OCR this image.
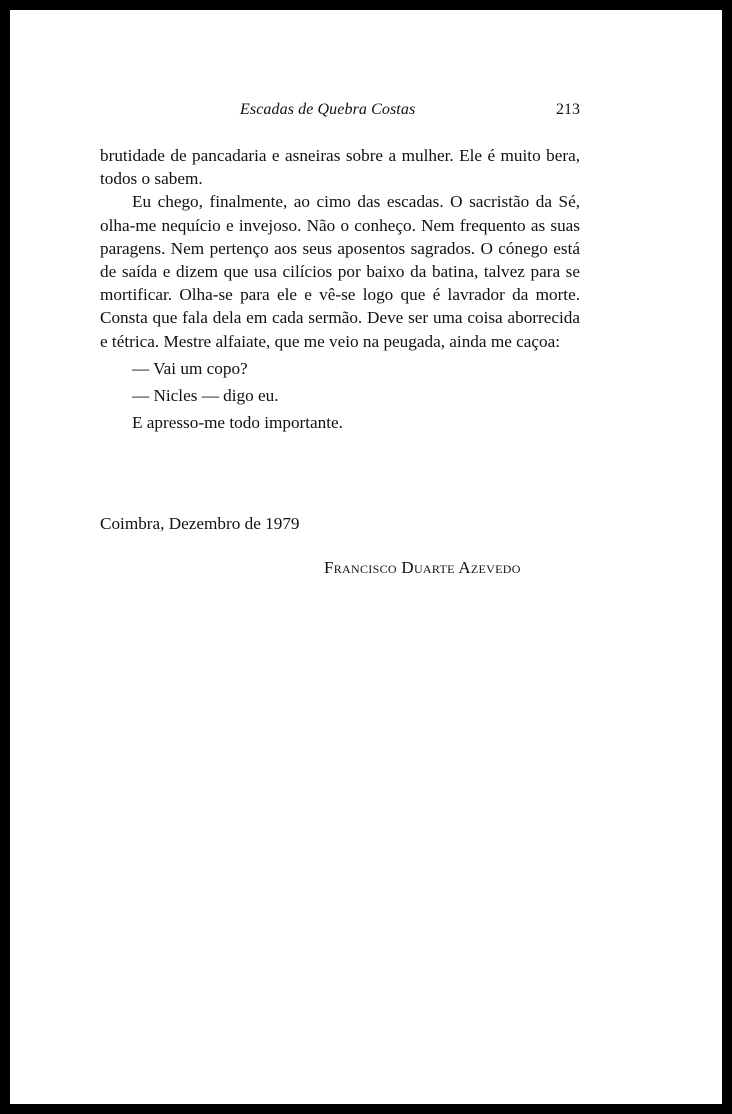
Escadas de Quebra Costas	213

brutidade de pancadaria e asneiras sobre a mulher. Ele é muito bera, todos o sabem.

Eu chego, finalmente, ao cimo das escadas. O sacristão da Sé, olha-me nequício e invejoso. Não o conheço. Nem frequento as suas paragens. Nem pertenço aos seus aposentos sagrados. O cónego está de saída e dizem que usa cilícios por baixo da batina, talvez para se mortificar. Olha-se para ele e vê-se logo que é lavrador da morte. Consta que fala dela em cada sermão. Deve ser uma coisa aborrecida e tétrica. Mestre alfaiate, que me veio na peugada, ainda me caçoa:

— Vai um copo?

— Nicles — digo eu.

E apresso-me todo importante.

Coimbra, Dezembro de 1979
Francisco Duarte Azevedo
